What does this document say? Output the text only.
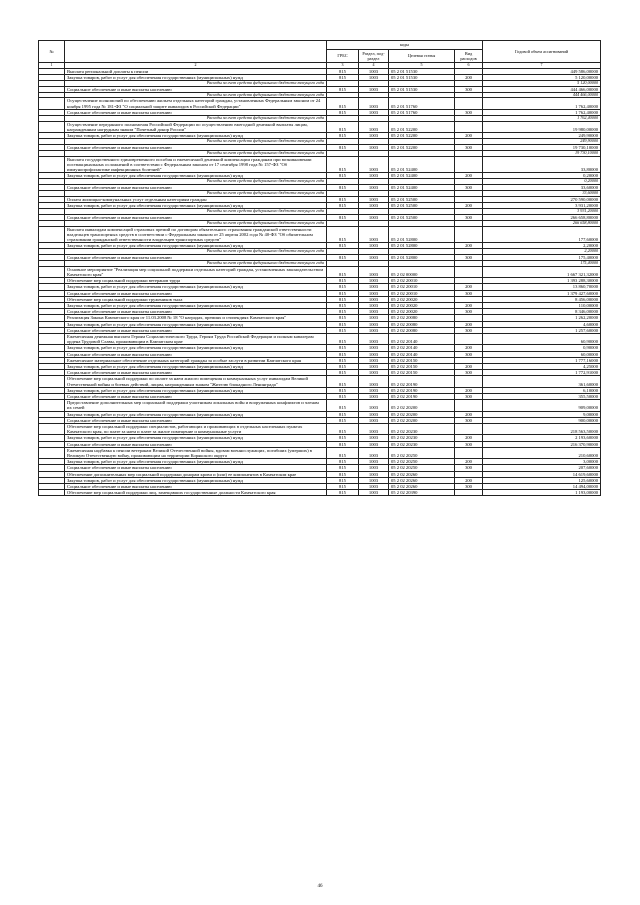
№		коды				Годовой объем ассигнований
		ГРБС	Раздел, под-раздел	Целевая статья	Вид расходов	
1	2	3	4	5	6	7
	Выплата региональной доплаты к пенсии	815	1003	05 2 01 51530		449 586,00000
	Закупка товаров, работ и услуг для обеспечения государственных (муниципальных) нужд	815	1003	05 2 01 51530	200	5 120,00000
	Расходы за счет средств федерального бюджета текущего года					5 120,00000
	Социальное обеспечение и иные выплаты населению	815	1003	05 2 01 51530	300	444 466,00000
	Расходы за счет средств федерального бюджета текущего года					444 466,00000
	Осуществление полномочий по обеспечению жильем отдельных категорий граждан, установленных Федеральным законом от 24 ноября 1995 года № 181-ФЗ "О социальной защите инвалидов в Российской Федерации"	815	1003	05 2 01 51760		1 762,40000
	Социальное обеспечение и иные выплаты населению	815	1003	05 2 01 51760	300	1 762,40000
	Расходы за счет средств федерального бюджета текущего года					1 762,40000
	Осуществление переданного полномочия Российской Федерации по осуществлению ежегодной денежной выплаты лицам, награжденным нагрудным знаком "Почетный донор России"	815	1003	05 2 01 52200		19 980,00000
	Закупка товаров, работ и услуг для обеспечения государственных (муниципальных) нужд	815	1003	05 2 01 52200	200	249,90000
	Расходы за счет средств федерального бюджета текущего года					249,90000
	Социальное обеспечение и иные выплаты населению	815	1003	05 2 01 52200	300	19 730,10000
	Расходы за счет средств федерального бюджета текущего года					19 730,10000
	Выплата государственного единовременного пособия и ежемесячной денежной компенсации гражданам при возникновении поствакцинальных осложнений в соответствии с Федеральным законом от 17 сентября 1998 года № 157-ФЗ "Об иммунопрофилактике инфекционных болезней"	815	1003	05 2 01 52400		33,80000
	Закупка товаров, работ и услуг для обеспечения государственных (муниципальных) нужд	815	1003	05 2 01 52400	200	0,20000
	Расходы за счет средств федерального бюджета текущего года					0,20000
	Социальное обеспечение и иные выплаты населению	815	1003	05 2 01 52400	300	33,60000
	Расходы за счет средств федерального бюджета текущего года					33,60000
	Оплата жилищно-коммунальных услуг отдельным категориям граждан	815	1003	05 2 01 52500		270 590,00000
	Закупка товаров, работ и услуг для обеспечения государственных (муниципальных) нужд	815	1003	05 2 01 52500	200	3 931,20000
	Расходы за счет средств федерального бюджета текущего года					3 931,20000
	Социальное обеспечение и иные выплаты населению	815	1003	05 2 01 52500	300	266 658,80000
	Расходы за счет средств федерального бюджета текущего года					266 658,80000
	Выплата инвалидам компенсаций страховых премий по договорам обязательного страхования гражданской ответственности владельцев транспортных средств в соответствии с Федеральным законом от 25 апреля 2002 года № 40-ФЗ "Об обязательном страховании гражданской ответственности владельцев транспортных средств"	815	1003	05 2 01 52800		177,60000
	Закупка товаров, работ и услуг для обеспечения государственных (муниципальных) нужд	815	1003	05 2 01 52800	200	2,20000
	Расходы за счет средств федерального бюджета текущего года					2,20000
	Социальное обеспечение и иные выплаты населению	815	1003	05 2 01 52800	300	175,40000
	Расходы за счет средств федерального бюджета текущего года					175,40000
	Основное мероприятие "Реализация мер социальной поддержки отдельных категорий граждан, установленных законодательством Камчатского края"	815	1003	05 2 02 00000		1 667 321,32000
	Обеспечение мер социальной поддержки ветеранов труда	815	1003	05 2 02 20010		1 393 288,30000
	Закупка товаров, работ и услуг для обеспечения государственных (муниципальных) нужд	815	1003	05 2 02 20010	200	13 860,70000
	Социальное обеспечение и иные выплаты населению	815	1003	05 2 02 20010	300	1 379 427,60000
	Обеспечение мер социальной поддержки тружеников тыла	815	1003	05 2 02 20020		8 456,00000
	Закупка товаров, работ и услуг для обеспечения государственных (муниципальных) нужд	815	1003	05 2 02 20020	200	110,00000
	Социальное обеспечение и иные выплаты населению	815	1003	05 2 02 20020	300	8 346,00000
	Реализация Закона Камчатского края от 11.03.2008 № 18 "О наградах, премиях и стипендиях Камчатского края"	815	1003	05 2 02 20080		1 262,20000
	Закупка товаров, работ и услуг для обеспечения государственных (муниципальных) нужд	815	1003	05 2 02 20080	200	4,60000
	Социальное обеспечение и иные выплаты населению	815	1003	05 2 02 20080	300	1 257,60000
	Ежемесячная денежная выплата Героям Социалистического Труда, Героям Труда Российской Федерации и полным кавалерам ордена Трудовой Славы, проживающим в Камчатском крае	815	1003	05 2 02 20140		60,90000
	Закупка товаров, работ и услуг для обеспечения государственных (муниципальных) нужд	815	1003	05 2 02 20140	200	0,90000
	Социальное обеспечение и иные выплаты населению	815	1003	05 2 02 20140	300	60,00000
	Ежемесячное материальное обеспечение отдельных категорий граждан за особые заслуги в развитии Камчатского края	815	1003	05 2 02 20150		1 777,16000
	Закупка товаров, работ и услуг для обеспечения государственных (муниципальных) нужд	815	1003	05 2 02 20150	200	4,25000
	Социальное обеспечение и иные выплаты населению	815	1003	05 2 02 20150	300	1 772,91000
	Обеспечение мер социальной поддержки по оплате за наем жилого помещения и коммунальных услуг инвалидам Великой Отечественной войны и боевых действий, лицам, награжденным знаком "Жителю блокадного Ленинграда"	815	1003	05 2 02 20190		361,60000
	Закупка товаров, работ и услуг для обеспечения государственных (муниципальных) нужд	815	1003	05 2 02 20190	200	6,10000
	Социальное обеспечение и иные выплаты населению	815	1003	05 2 02 20190	300	355,50000
	Предоставление дополнительных мер социальной поддержки участникам локальных войн и вооруженных конфликтов и членам их семей	815	1003	05 2 02 20200		909,00000
	Закупка товаров, работ и услуг для обеспечения государственных (муниципальных) нужд	815	1003	05 2 02 20200	200	9,00000
	Социальное обеспечение и иные выплаты населению	815	1003	05 2 02 20200	300	900,00000
	Обеспечение мер социальной поддержки специалистов, работающих и проживающих в отдельных населенных пунктах Камчатского края, по плате за наем и плате за жилое помещение и коммунальные услуги	815	1003	05 2 02 20230		218 563,50000
	Закупка товаров, работ и услуг для обеспечения государственных (муниципальных) нужд	815	1003	05 2 02 20230	200	2 193,60000
	Социальное обеспечение и иные выплаты населению	815	1003	05 2 02 20230	300	216 370,90000
	Ежемесячная надбавка к пенсии ветеранам Великой Отечественной войны, вдовам военнослужащих, погибших (умерших) в Великую Отечественную войну, проживающим на территории Корякского округа	815	1003	05 2 02 20250		210,60000
	Закупка товаров, работ и услуг для обеспечения государственных (муниципальных) нужд	815	1003	05 2 02 20250	200	3,00000
	Социальное обеспечение и иные выплаты населению	815	1003	05 2 02 20250	300	207,60000
	Обеспечение дополнительных мер социальной поддержки донорам крови и (или) ее компонентов в Камчатском крае	815	1003	05 2 02 20260		14 619,60000
	Закупка товаров, работ и услуг для обеспечения государственных (муниципальных) нужд	815	1003	05 2 02 20260	200	125,60000
	Социальное обеспечение и иные выплаты населению	815	1003	05 2 02 20260	300	14 494,00000
	Обеспечение мер социальной поддержки лиц, замещавших государственные должности Камчатского края	815	1003	05 2 02 20390		1 193,00000
46
